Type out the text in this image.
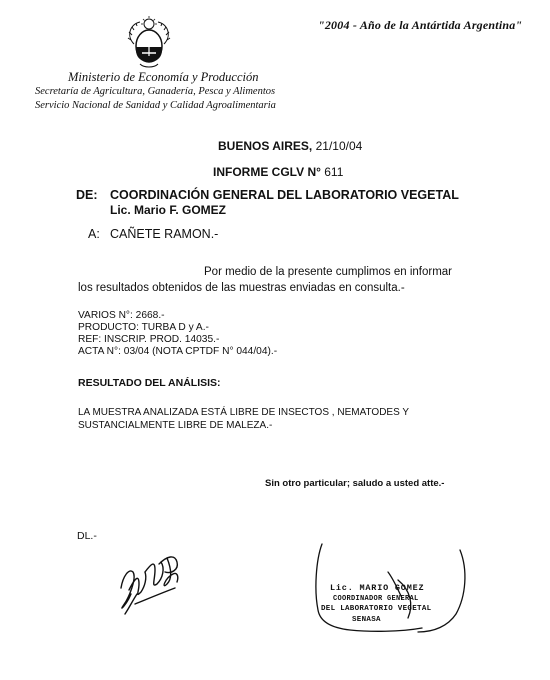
"2004 - Año de la Antártida Argentina"
Ministerio de Economía y Producción
Secretaría de Agricultura, Ganadería, Pesca y Alimentos
Servicio Nacional de Sanidad y Calidad Agroalimentaria
BUENOS AIRES, 21/10/04
INFORME CGLV N° 611
DE: COORDINACIÓN GENERAL DEL LABORATORIO VEGETAL
Lic. Mario F. GOMEZ
A: CAÑETE RAMON.-
Por medio de la presente cumplimos en informar
los resultados obtenidos de las muestras enviadas en consulta.-
VARIOS N°: 2668.-
PRODUCTO: TURBA D y A.-
REF: INSCRIP. PROD. 14035.-
ACTA N°: 03/04 (NOTA CPTDF N° 044/04).-
RESULTADO DEL ANÁLISIS:
LA MUESTRA ANALIZADA ESTÁ LIBRE DE INSECTOS , NEMATODES Y
SUSTANCIALMENTE LIBRE DE MALEZA.-
Sin otro particular; saludo a usted atte.-
DL.-
Lic. MARIO GOMEZ
COORDINADOR GENERAL
DEL LABORATORIO VEGETAL
SENASA
